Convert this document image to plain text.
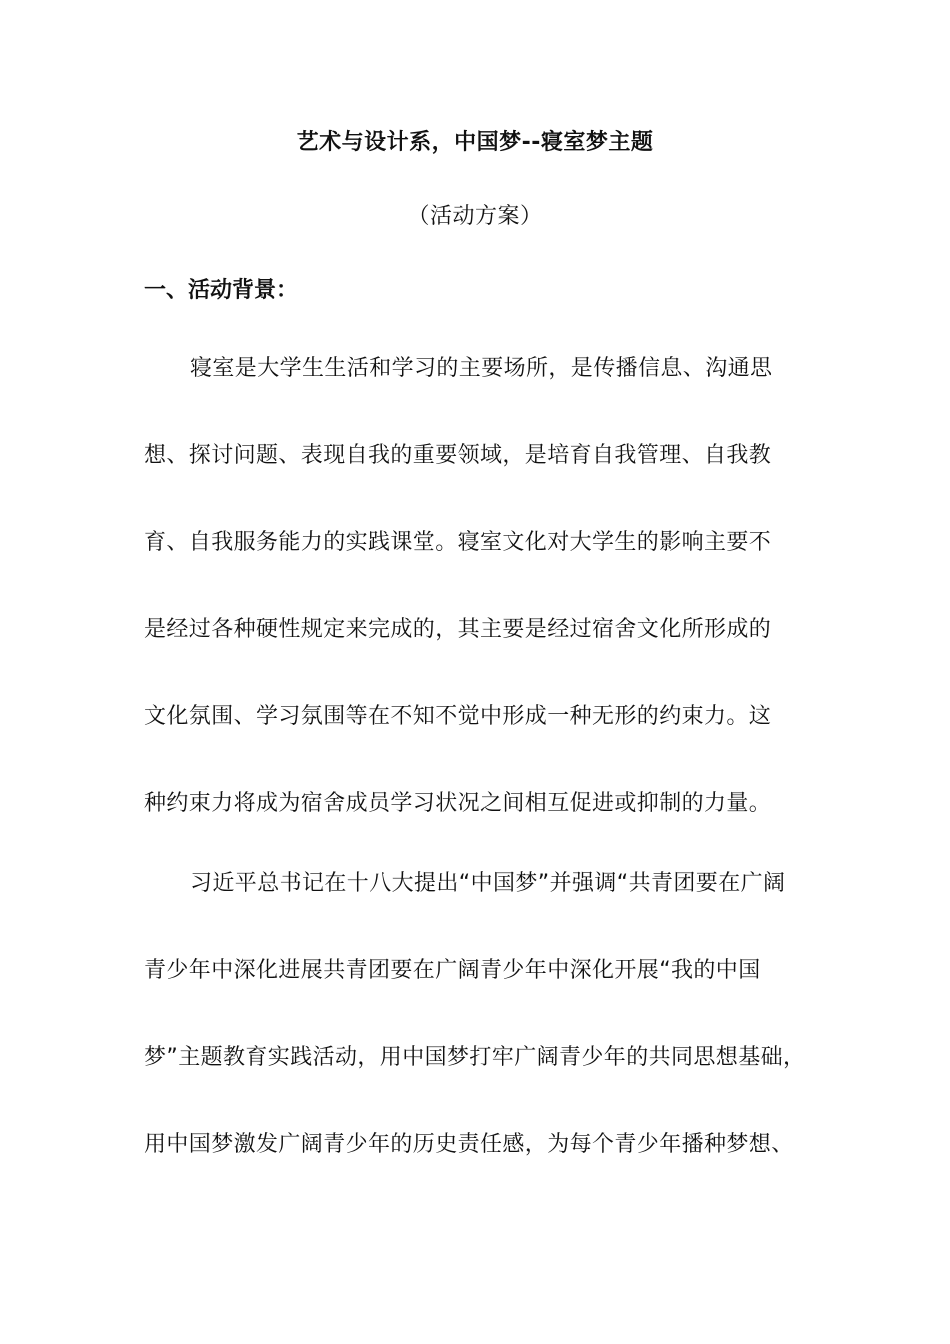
艺术与设计系，中国梦--寝室梦主题
（活动方案）
一、活动背景：
寝室是大学生生活和学习的主要场所，是传播信息、沟通思
想、探讨问题、表现自我的重要领域，是培育自我管理、自我教
育、自我服务能力的实践课堂。寝室文化对大学生的影响主要不
是经过各种硬性规定来完成的，其主要是经过宿舍文化所形成的
文化氛围、学习氛围等在不知不觉中形成一种无形的约束力。这
种约束力将成为宿舍成员学习状况之间相互促进或抑制的力量。
习近平总书记在十八大提出“中国梦”并强调“共青团要在广阔
青少年中深化进展共青团要在广阔青少年中深化开展“我的中国
梦”主题教育实践活动，用中国梦打牢广阔青少年的共同思想基础，
用中国梦激发广阔青少年的历史责任感，为每个青少年播种梦想、
